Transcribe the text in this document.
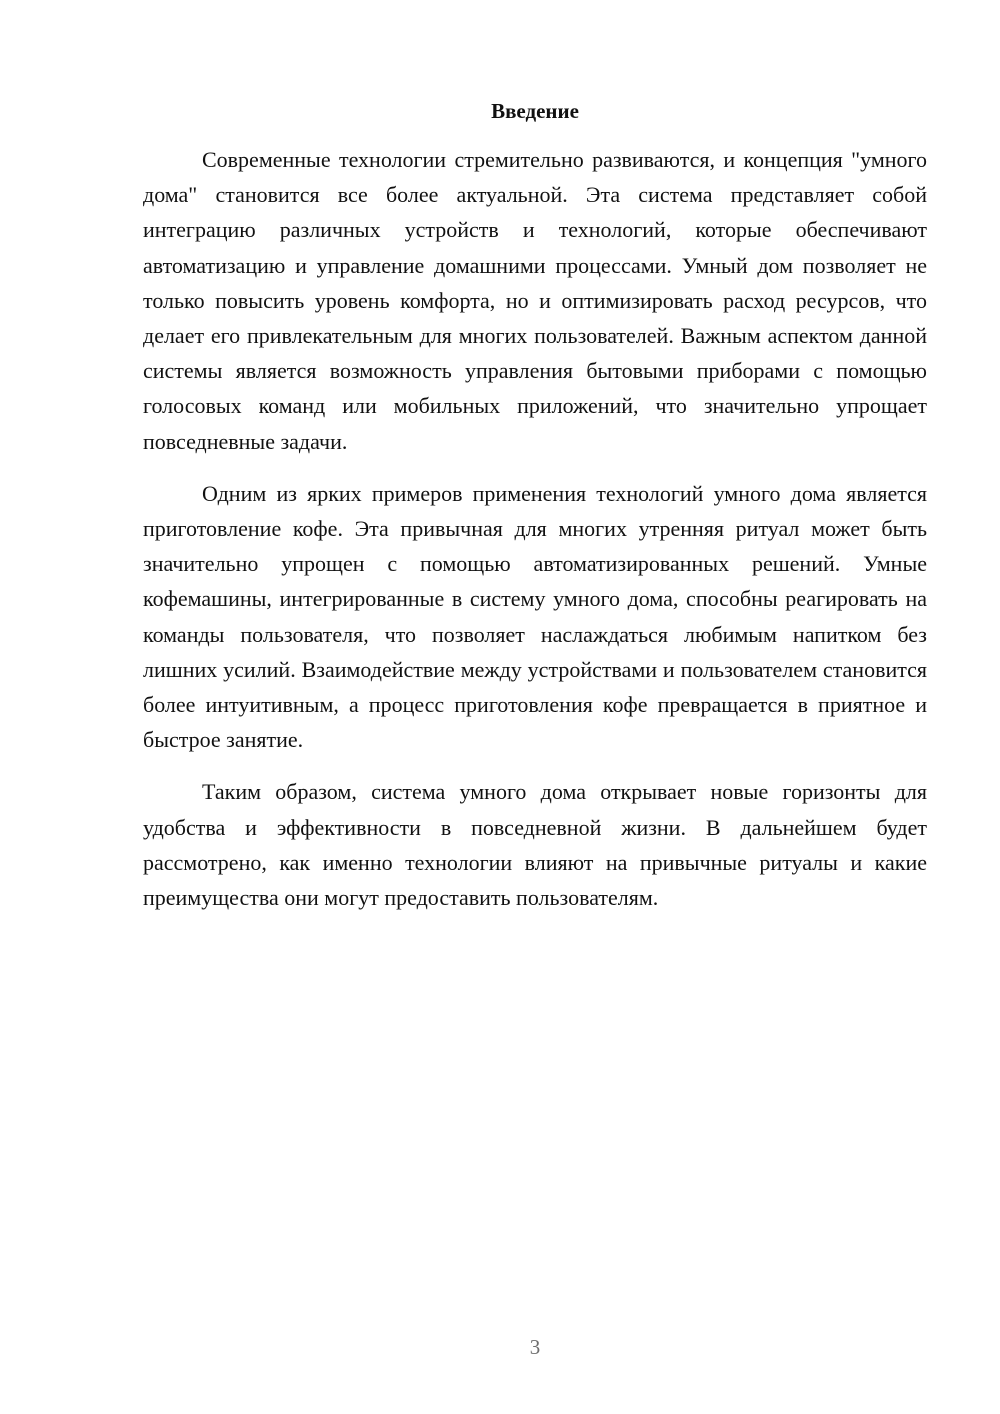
Введение

Современные технологии стремительно развиваются, и концепция "умного дома" становится все более актуальной. Эта система представляет собой интеграцию различных устройств и технологий, которые обеспечивают автоматизацию и управление домашними процессами. Умный дом позволяет не только повысить уровень комфорта, но и оптимизировать расход ресурсов, что делает его привлекательным для многих пользователей. Важным аспектом данной системы является возможность управления бытовыми приборами с помощью голосовых команд или мобильных приложений, что значительно упрощает повседневные задачи.

Одним из ярких примеров применения технологий умного дома является приготовление кофе. Эта привычная для многих утренняя ритуал может быть значительно упрощен с помощью автоматизированных решений. Умные кофемашины, интегрированные в систему умного дома, способны реагировать на команды пользователя, что позволяет наслаждаться любимым напитком без лишних усилий. Взаимодействие между устройствами и пользователем становится более интуитивным, а процесс приготовления кофе превращается в приятное и быстрое занятие.

Таким образом, система умного дома открывает новые горизонты для удобства и эффективности в повседневной жизни. В дальнейшем будет рассмотрено, как именно технологии влияют на привычные ритуалы и какие преимущества они могут предоставить пользователям.

3
